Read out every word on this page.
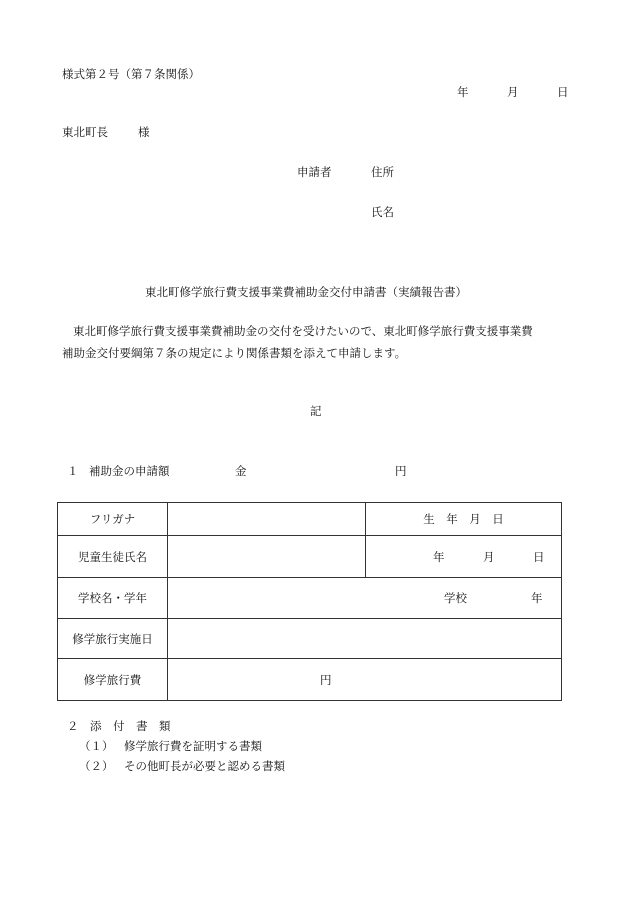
様式第２号（第７条関係）
年	月	日
東北町長	様
申請者	住所
氏名
東北町修学旅行費支援事業費補助金交付申請書（実績報告書）
東北町修学旅行費支援事業費補助金の交付を受けたいので、東北町修学旅行費支援事業費
補助金交付要綱第７条の規定により関係書類を添えて申請します。
記
１ 補助金の申請額	金	円
フリガナ		生　年　月　日
児童生徒氏名		年 月 日

学校名・学年	学校 年	

修学旅行実施日		
修学旅行費	円	
２　添　付　書　類
（１） 修学旅行費を証明する書類
（２） その他町長が必要と認める書類
